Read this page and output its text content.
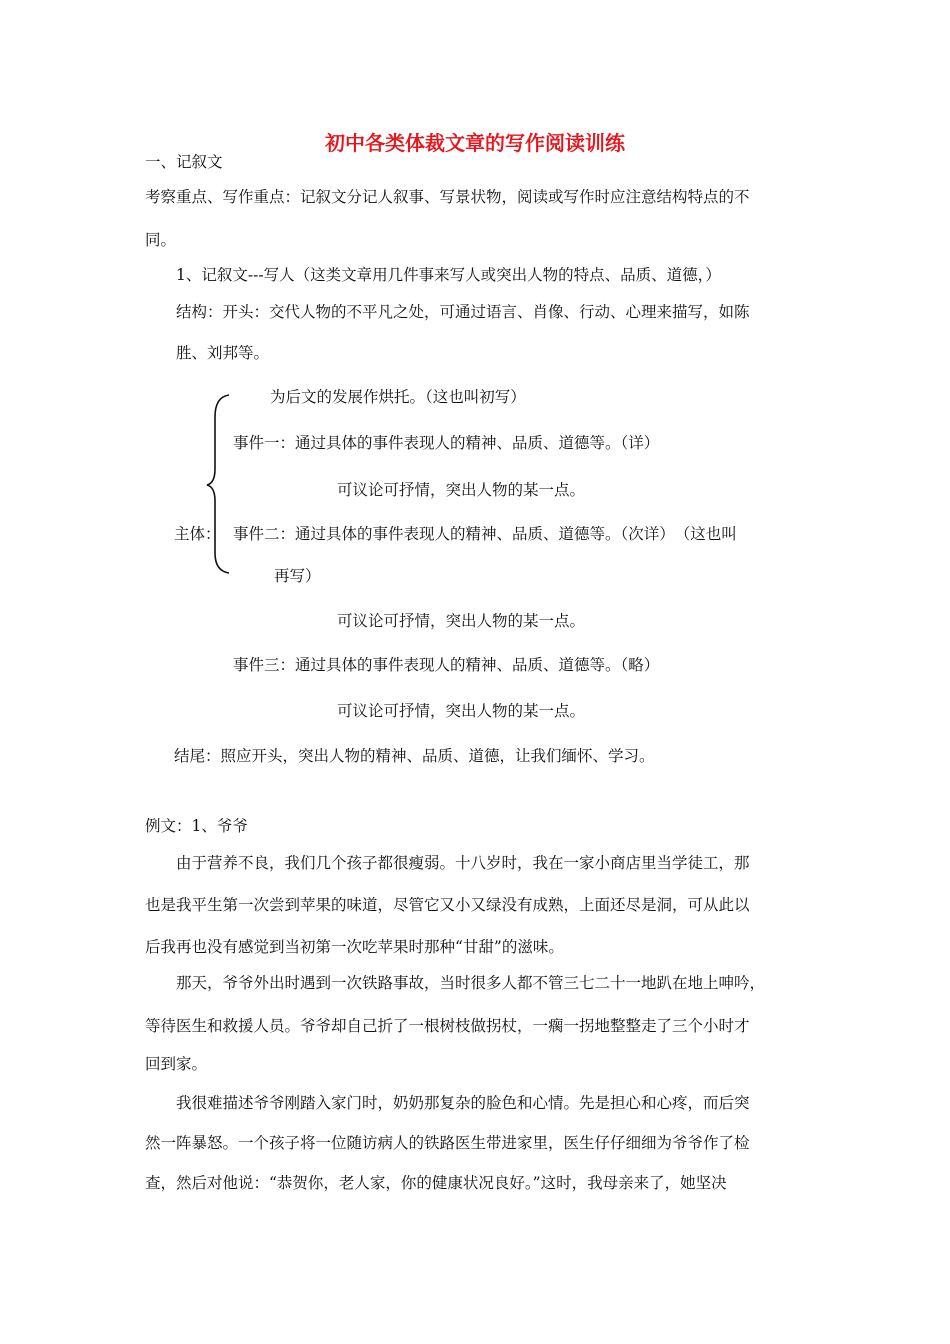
初中各类体裁文章的写作阅读训练
一、记叙文
考察重点、写作重点：记叙文分记人叙事、写景状物，阅读或写作时应注意结构特点的不
同。
1、记叙文---写人（这类文章用几件事来写人或突出人物的特点、品质、道德，）
结构：开头：交代人物的不平凡之处，可通过语言、肖像、行动、心理来描写，如陈
胜、刘邦等。
为后文的发展作烘托。（这也叫初写）
事件一：通过具体的事件表现人的精神、品质、道德等。（详）
可议论可抒情，突出人物的某一点。
主体： 事件二：通过具体的事件表现人的精神、品质、道德等。（次详）　（这也叫
再写）
可议论可抒情，突出人物的某一点。
事件三：通过具体的事件表现人的精神、品质、道德等。（略）
可议论可抒情，突出人物的某一点。
结尾：照应开头，突出人物的精神、品质、道德，让我们缅怀、学习。
例文：1、爷爷
由于营养不良，我们几个孩子都很瘦弱。十八岁时，我在一家小商店里当学徒工，那
也是我平生第一次尝到苹果的味道，尽管它又小又绿没有成熟，上面还尽是洞，可从此以
后我再也没有感觉到当初第一次吃苹果时那种“甘甜”的滋味。
那天，爷爷外出时遇到一次铁路事故，当时很多人都不管三七二十一地趴在地上呻吟，
等待医生和救援人员。爷爷却自己折了一根树枝做拐杖，一瘸一拐地整整走了三个小时才
回到家。
我很难描述爷爷刚踏入家门时，奶奶那复杂的脸色和心情。先是担心和心疼，而后突
然一阵暴怒。一个孩子将一位随访病人的铁路医生带进家里，医生仔仔细细为爷爷作了检
查，然后对他说：“恭贺你，老人家，你的健康状况良好。”这时，我母亲来了，她坚决
